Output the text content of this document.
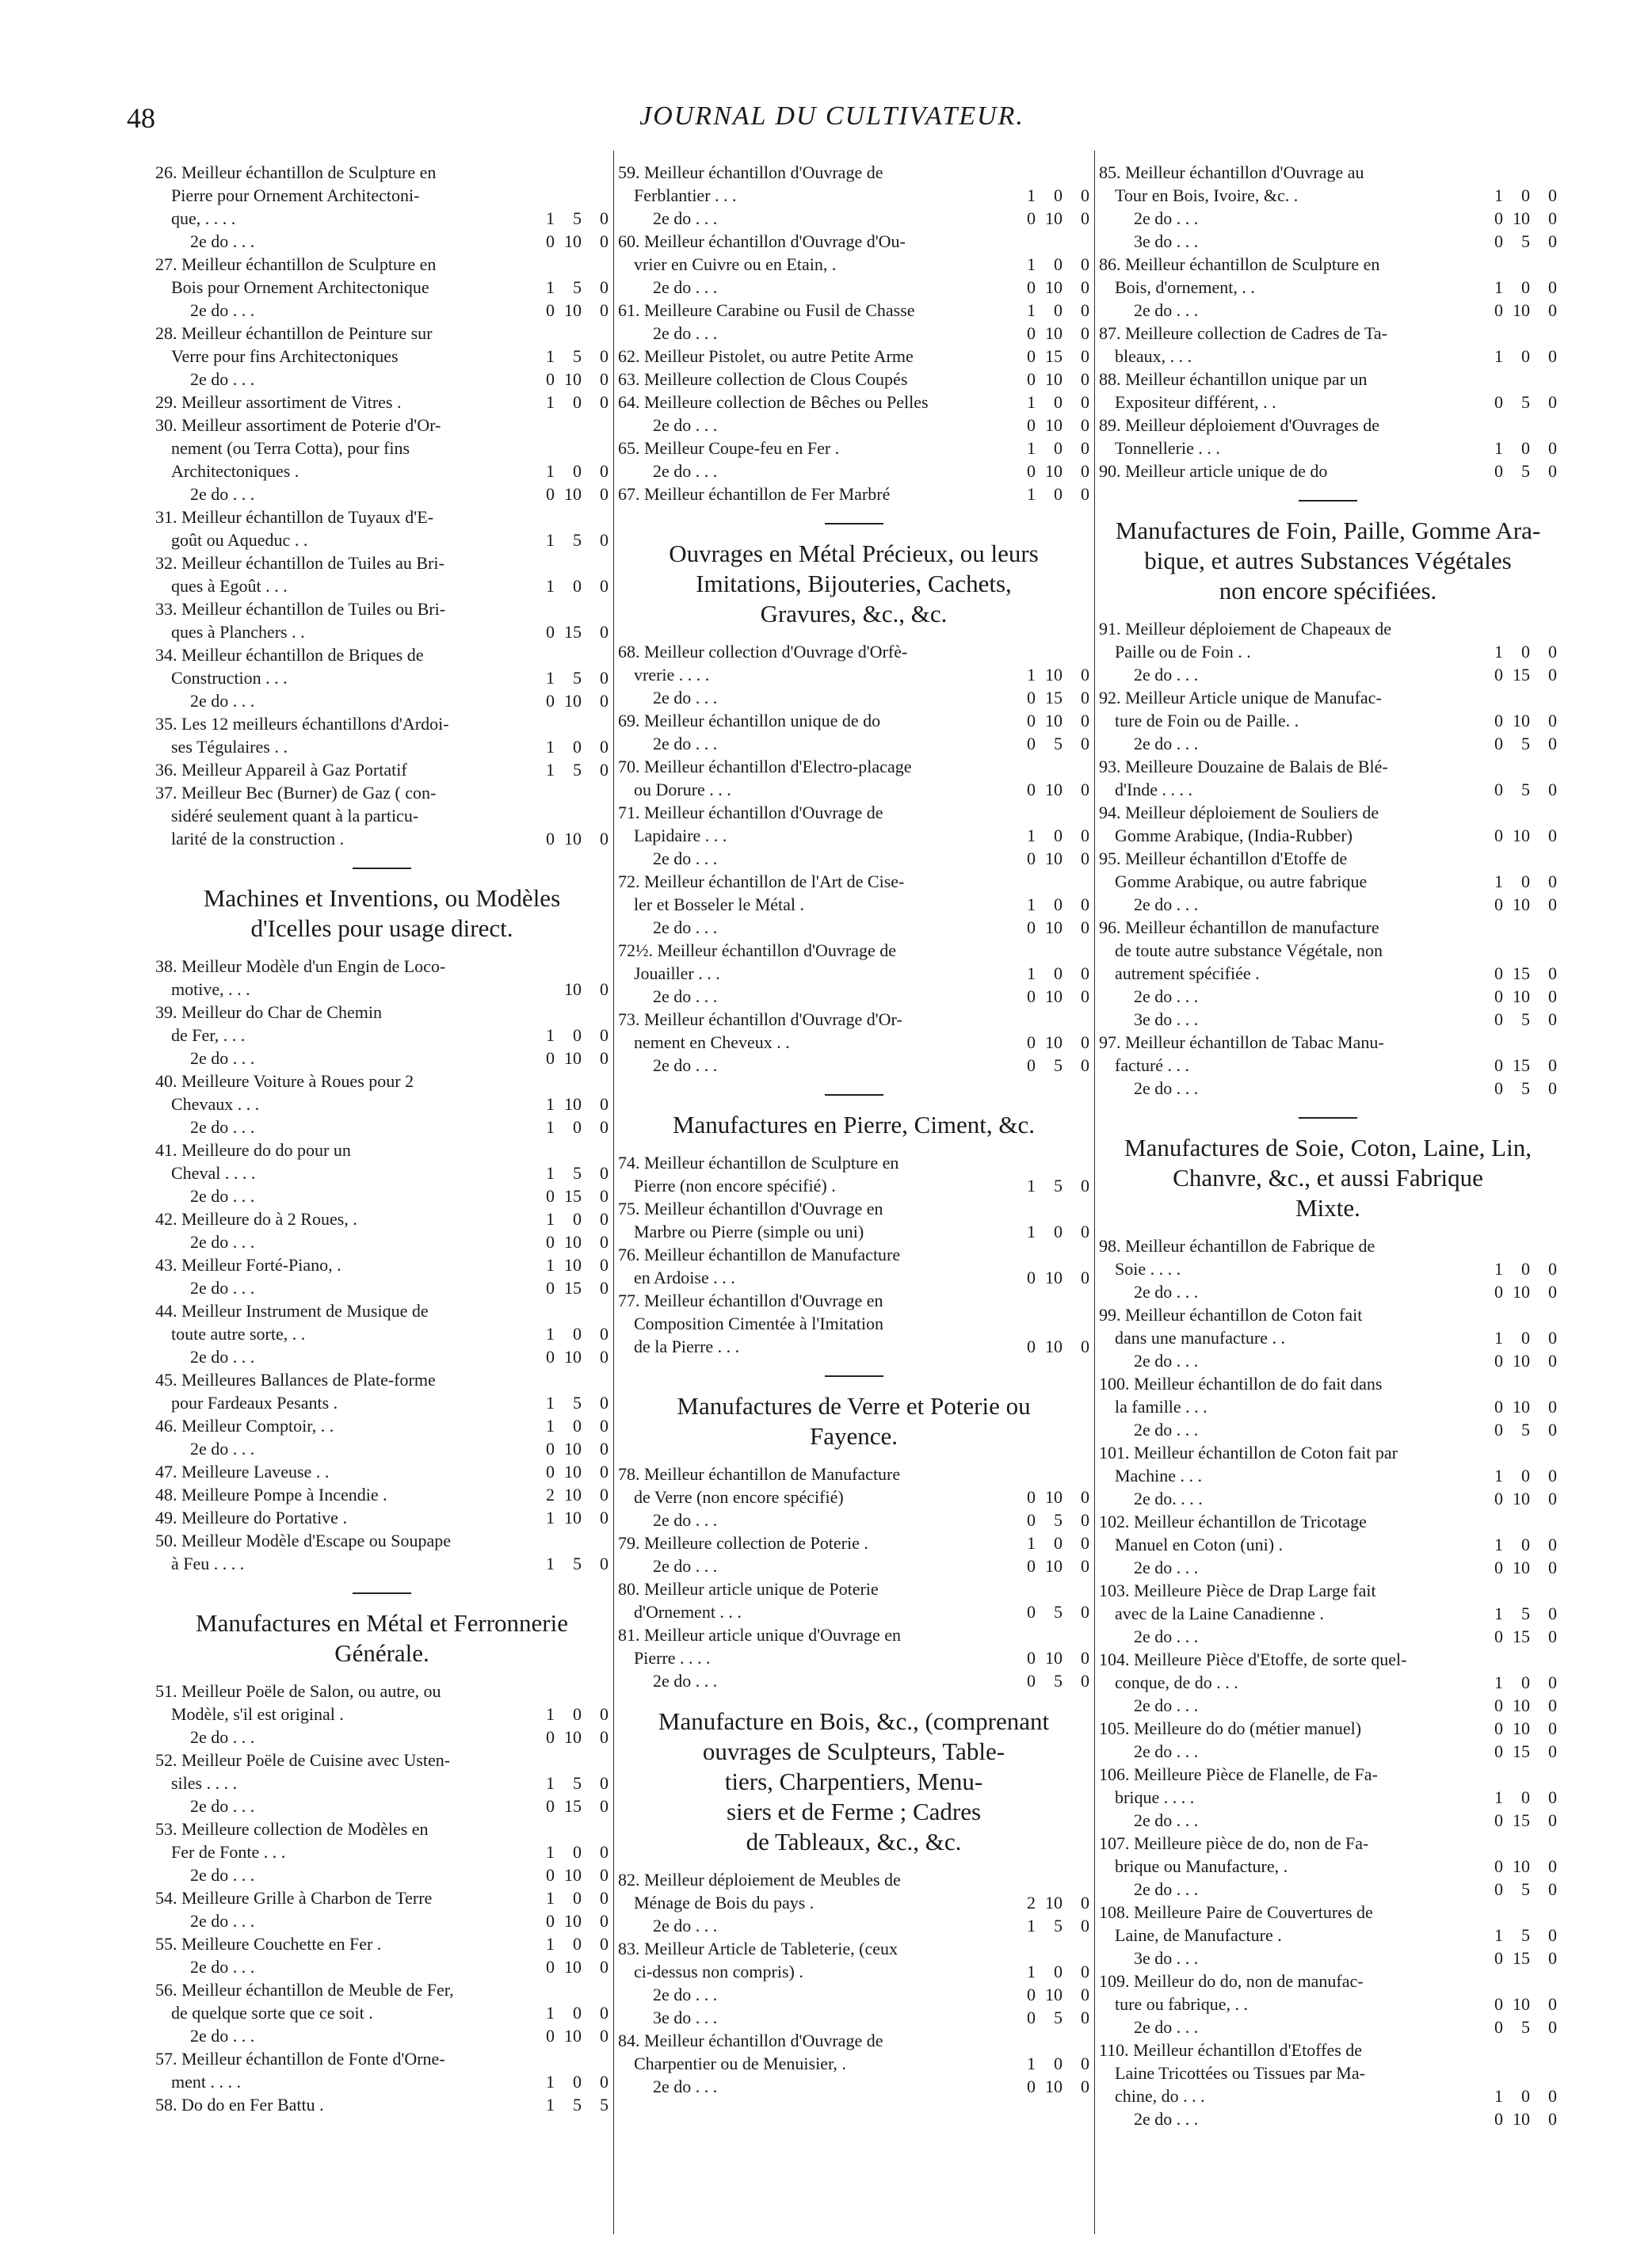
48	JOURNAL DU CULTIVATEUR.
26. Meilleur échantillon de Sculpture en
Pierre pour Ornement Architectoni-
que, . . . .	1	5	0
2e do . . .	0 10	0
27. Meilleur échantillon de Sculpture en
Bois pour Ornement Architectonique	1	5	0
2e do . . .	0 10	0
28. Meilleur échantillon de Peinture sur
Verre pour fins Architectoniques	1	5	0
2e do . . .	0 10	0
29. Meilleur assortiment de Vitres .	1	0	0
30. Meilleur assortiment de Poterie d'Or-
nement (ou Terra Cotta), pour fins
Architectoniques .	1	0	0
2e do . . .	0 10	0
31. Meilleur échantillon de Tuyaux d'E-
goût ou Aqueduc . .	1	5	0
32. Meilleur échantillon de Tuiles au Bri-
ques à Egoût . . .	1	0	0
33. Meilleur échantillon de Tuiles ou Bri-
ques à Planchers . .	0 15	0
34. Meilleur échantillon de Briques de
Construction . . .	1	5	0
2e do . . .	0 10	0
35. Les 12 meilleurs échantillons d'Ardoi-
ses Tégulaires . .	1	0	0
36. Meilleur Appareil à Gaz Portatif	1	5	0
37. Meilleur Bec (Burner) de Gaz ( con-
sidéré seulement quant à la particu-
larité de la construction .	0 10	0
Machines et Inventions, ou Modèles
d'Icelles pour usage direct.
38. Meilleur Modèle d'un Engin de Loco-
motive, . . .	10	0
39. Meilleur do Char de Chemin
de Fer, . . .	1	0	0
2e do . . .	0 10	0
40. Meilleure Voiture à Roues pour 2
Chevaux . . .	1 10	0
2e do . . .	1	0	0
41. Meilleure do do pour un
Cheval . . . .	1	5	0
2e do . . .	0 15	0
42. Meilleure do à 2 Roues, .	1	0	0
2e do . . .	0 10	0
43. Meilleur Forté-Piano, .	1 10	0
2e do . . .	0 15	0
44. Meilleur Instrument de Musique de
toute autre sorte, . .	1	0	0
2e do . . .	0 10	0
45. Meilleures Ballances de Plate-forme
pour Fardeaux Pesants .	1	5	0
46. Meilleur Comptoir, . .	1	0	0
2e do . . .	0 10	0
47. Meilleure Laveuse . .	0 10	0
48. Meilleure Pompe à Incendie .	2 10	0
49. Meilleure do Portative .	1 10	0
50. Meilleur Modèle d'Escape ou Soupape
à Feu . . . .	1	5	0
Manufactures en Métal et Ferronnerie
Générale.
51. Meilleur Poële de Salon, ou autre, ou
Modèle, s'il est original .	1	0	0
2e do . . .	0 10	0
52. Meilleur Poële de Cuisine avec Usten-
siles . . . .	1	5	0
2e do . . .	0 15	0
53. Meilleure collection de Modèles en
Fer de Fonte . . .	1	0	0
2e do . . .	0 10	0
54. Meilleure Grille à Charbon de Terre	1	0	0
2e do . . .	0 10	0
55. Meilleure Couchette en Fer .	1	0	0
2e do . . .	0 10	0
56. Meilleur échantillon de Meuble de Fer,
de quelque sorte que ce soit .	1	0	0
2e do . . .	0 10	0
57. Meilleur échantillon de Fonte d'Orne-
ment . . . .	1	0	0
58. Do do en Fer Battu .	1	5	5
59. Meilleur échantillon d'Ouvrage de
Ferblantier . . .	1	0	0
2e do . . .	0 10	0
60. Meilleur échantillon d'Ouvrage d'Ou-
vrier en Cuivre ou en Etain, .	1	0	0
2e do . . .	0 10	0
61. Meilleure Carabine ou Fusil de Chasse	1	0	0
2e do . . .	0 10	0
62. Meilleur Pistolet, ou autre Petite Arme	0 15	0
63. Meilleure collection de Clous Coupés	0 10	0
64. Meilleure collection de Bêches ou Pelles	1	0	0
2e do . . .	0 10	0
65. Meilleur Coupe-feu en Fer .	1	0	0
2e do . . .	0 10	0
67. Meilleur échantillon de Fer Marbré	1	0	0
Ouvrages en Métal Précieux, ou leurs
Imitations, Bijouteries, Cachets,
Gravures, &c., &c.
68. Meilleur collection d'Ouvrage d'Orfè-
vrerie . . . .	1 10	0
2e do . . .	0 15	0
69. Meilleur échantillon unique de do	0 10	0
2e do . . .	0	5	0
70. Meilleur échantillon d'Electro-placage
ou Dorure . . .	0 10	0
71. Meilleur échantillon d'Ouvrage de
Lapidaire . . .	1	0	0
2e do . . .	0 10	0
72. Meilleur échantillon de l'Art de Cise-
ler et Bosseler le Métal .	1	0	0
2e do . . .	0 10	0
72½. Meilleur échantillon d'Ouvrage de
Jouailler . . .	1	0	0
2e do . . .	0 10	0
73. Meilleur échantillon d'Ouvrage d'Or-
nement en Cheveux . .	0 10	0
2e do . . .	0	5	0
Manufactures en Pierre, Ciment, &c.
74. Meilleur échantillon de Sculpture en
Pierre (non encore spécifié) .	1	5	0
75. Meilleur échantillon d'Ouvrage en
Marbre ou Pierre (simple ou uni)	1	0	0
76. Meilleur échantillon de Manufacture
en Ardoise . . .	0 10	0
77. Meilleur échantillon d'Ouvrage en
Composition Cimentée à l'Imitation
de la Pierre . . .	0 10	0
Manufactures de Verre et Poterie ou
Fayence.
78. Meilleur échantillon de Manufacture
de Verre (non encore spécifié)	0 10	0
2e do . . .	0	5	0
79. Meilleure collection de Poterie .	1	0	0
2e do . . .	0 10	0
80. Meilleur article unique de Poterie
d'Ornement . . .	0	5	0
81. Meilleur article unique d'Ouvrage en
Pierre . . . .	0 10	0
2e do . . .	0	5	0
Manufacture en Bois, &c., (comprenant
ouvrages de Sculpteurs, Table-
tiers, Charpentiers, Menu-
siers et de Ferme ; Cadres
de Tableaux, &c., &c.
82. Meilleur déploiement de Meubles de
Ménage de Bois du pays .	2 10	0
2e do . . .	1	5	0
83. Meilleur Article de Tableterie, (ceux
ci-dessus non compris) .	1	0	0
2e do . . .	0 10	0
3e do . . .	0	5	0
84. Meilleur échantillon d'Ouvrage de
Charpentier ou de Menuisier, .	1	0	0
2e do . . .	0 10	0
85. Meilleur échantillon d'Ouvrage au
Tour en Bois, Ivoire, &c. .	1	0	0
2e do . . .	0 10	0
3e do . . .	0	5	0
86. Meilleur échantillon de Sculpture en
Bois, d'ornement, . .	1	0	0
2e do . . .	0 10	0
87. Meilleure collection de Cadres de Ta-
bleaux, . . .	1	0	0
88. Meilleur échantillon unique par un
Expositeur différent, . .	0	5	0
89. Meilleur déploiement d'Ouvrages de
Tonnellerie . . .	1	0	0
90. Meilleur article unique de do	0	5	0
Manufactures de Foin, Paille, Gomme Ara-
bique, et autres Substances Végétales
non encore spécifiées.
91. Meilleur déploiement de Chapeaux de
Paille ou de Foin . .	1	0	0
2e do . . .	0 15	0
92. Meilleur Article unique de Manufac-
ture de Foin ou de Paille. .	0 10	0
2e do . . .	0	5	0
93. Meilleure Douzaine de Balais de Blé-
d'Inde . . . .	0	5	0
94. Meilleur déploiement de Souliers de
Gomme Arabique, (India-Rubber)	0 10	0
95. Meilleur échantillon d'Etoffe de
Gomme Arabique, ou autre fabrique	1	0	0
2e do . . .	0 10	0
96. Meilleur échantillon de manufacture
de toute autre substance Végétale, non
autrement spécifiée .	0 15	0
2e do . . .	0 10	0
3e do . . .	0	5	0
97. Meilleur échantillon de Tabac Manu-
facturé . . .	0 15	0
2e do . . .	0	5	0
Manufactures de Soie, Coton, Laine, Lin,
Chanvre, &c., et aussi Fabrique
Mixte.
98. Meilleur échantillon de Fabrique de
Soie . . . .	1	0	0
2e do . . .	0 10	0
99. Meilleur échantillon de Coton fait
dans une manufacture . .	1	0	0
2e do . . .	0 10	0
100. Meilleur échantillon de do fait dans
la famille . . .	0 10	0
2e do . . .	0	5	0
101. Meilleur échantillon de Coton fait par
Machine . . .	1	0	0
2e do. . . .	0 10	0
102. Meilleur échantillon de Tricotage
Manuel en Coton (uni) .	1	0	0
2e do . . .	0 10	0
103. Meilleure Pièce de Drap Large fait
avec de la Laine Canadienne .	1	5	0
2e do . . .	0 15	0
104. Meilleure Pièce d'Etoffe, de sorte quel-
conque, de do . . .	1	0	0
2e do . . .	0 10	0
105. Meilleure do do (métier manuel)	0 10	0
2e do . . .	0 15	0
106. Meilleure Pièce de Flanelle, de Fa-
brique . . . .	1	0	0
2e do . . .	0 15	0
107. Meilleure pièce de do, non de Fa-
brique ou Manufacture, .	0 10	0
2e do . . .	0	5	0
108. Meilleure Paire de Couvertures de
Laine, de Manufacture .	1	5	0
3e do . . .	0 15	0
109. Meilleur do do, non de manufac-
ture ou fabrique, . .	0 10	0
2e do . . .	0	5	0
110. Meilleur échantillon d'Etoffes de
Laine Tricottées ou Tissues par Ma-
chine, do . . .	1	0	0
2e do . . .	0 10	0
